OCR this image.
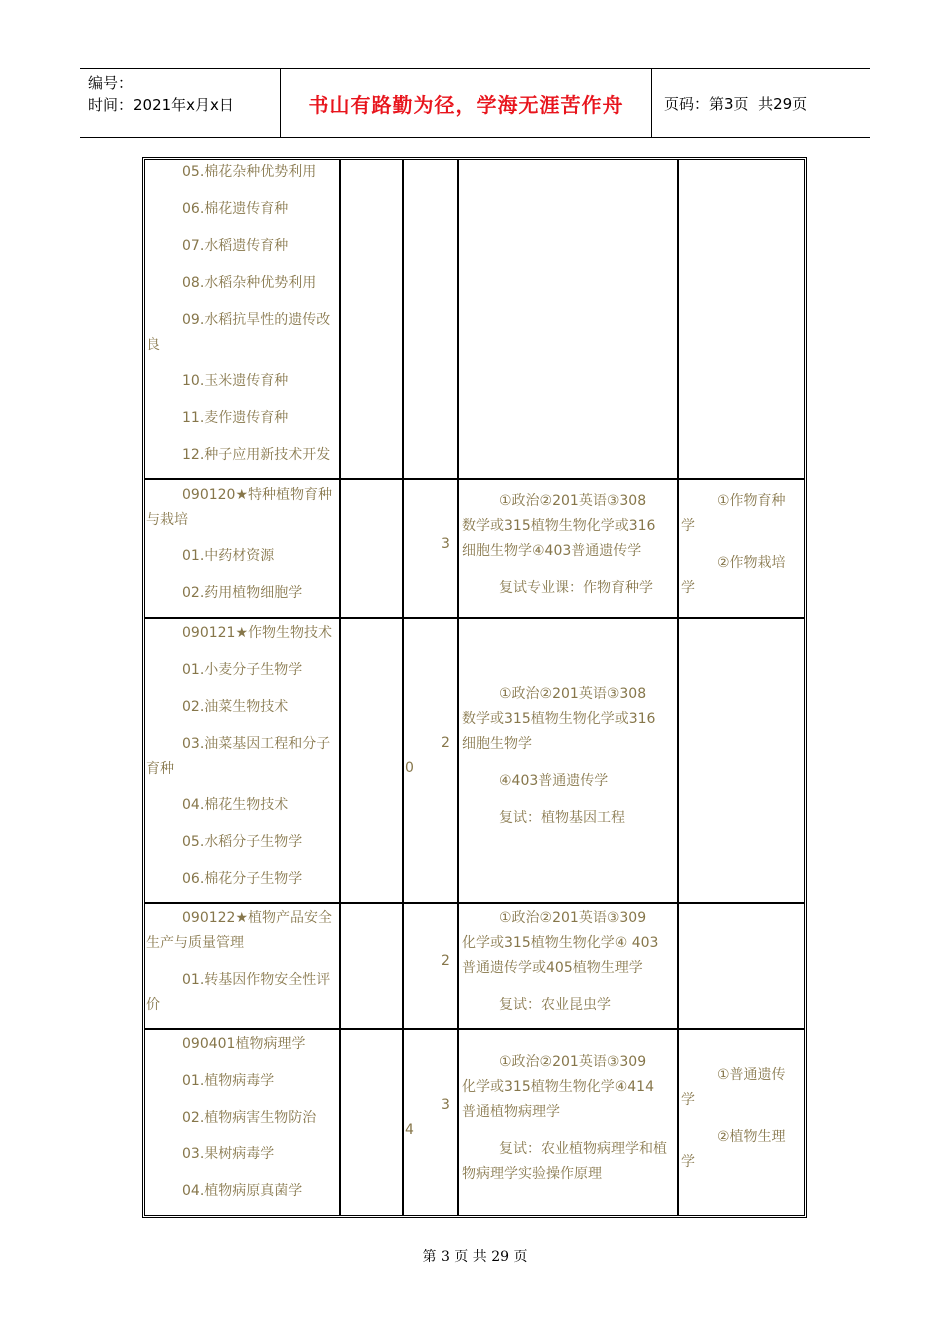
编号：
时间：2021年x月x日	书山有路勤为径，学海无涯苦作舟	页码：第3页  共29页
05.棉花杂种优势利用
06.棉花遗传育种
07.水稻遗传育种
08.水稻杂种优势利用
09.水稻抗旱性的遗传改
良
10.玉米遗传育种
11.麦作遗传育种
12.种子应用新技术开发
090120★特种植物育种
与栽培
01.中药材资源
02.药用植物细胞学
3
①政治②201英语③308
数学或315植物生物化学或316
细胞生物学④403普通遗传学
复试专业课：作物育种学
①作物育种
学
②作物栽培
学
090121★作物生物技术
01.小麦分子生物学
02.油菜生物技术
03.油菜基因工程和分子
育种
04.棉花生物技术
05.水稻分子生物学
06.棉花分子生物学
2
0
①政治②201英语③308
数学或315植物生物化学或316
细胞生物学
④403普通遗传学
复试：植物基因工程
090122★植物产品安全
生产与质量管理
01.转基因作物安全性评
价
2
①政治②201英语③309
化学或315植物生物化学④ 403
普通遗传学或405植物生理学
复试：农业昆虫学
090401植物病理学
01.植物病毒学
02.植物病害生物防治
03.果树病毒学
04.植物病原真菌学
3
4
①政治②201英语③309
化学或315植物生物化学④414
普通植物病理学
复试：农业植物病理学和植
物病理学实验操作原理
①普通遗传
学
②植物生理
学
第 3 页 共 29 页
